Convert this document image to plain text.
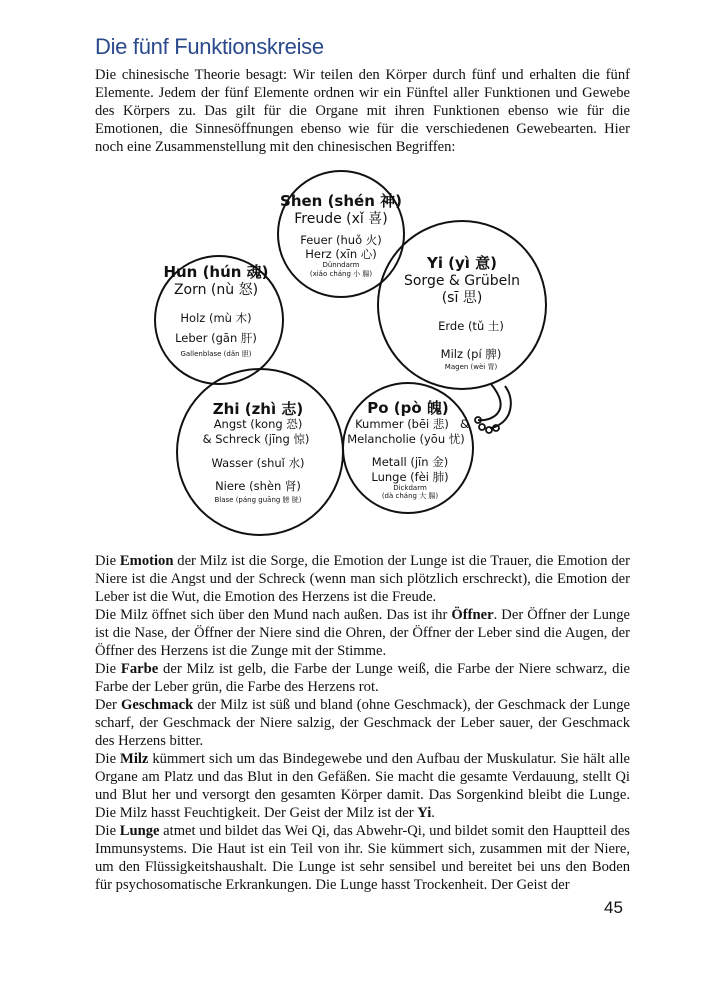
Die fünf Funktionskreise

Die chinesische Theorie besagt: Wir teilen den Körper durch fünf und erhalten die fünf Elemente. Jedem der fünf Elemente ordnen wir ein Fünftel aller Funktionen und Gewebe des Körpers zu. Das gilt für die Organe mit ihren Funktionen ebenso wie für die Emotionen, die Sinnesöffnungen ebenso wie für die verschiedenen Gewebearten. Hier noch eine Zusammenstellung mit den chinesischen Begriffen:

Shen (shén 神)
Freude (xǐ 喜)
Feuer (huǒ 火)
Herz (xīn 心)
Dünndarm
(xiǎo cháng 小 腸)
Yi (yì 意)
Sorge & Grübeln
(sī 思)
Erde (tǔ 土)
Milz (pí 脾)
Magen (wèi 胃)
Hun (hún 魂)
Zorn (nù 怒)
Holz (mù 木)
Leber (gān 肝)
Gallenblase (dǎn 胆)
Zhi (zhì 志)
Angst (kong 恐)
& Schreck (jīng 惊)
Wasser (shuǐ 水)
Niere (shèn 肾)
Blase (páng guāng 膀 胱)
Po (pò 魄)
Kummer (bēi 悲) &
Melancholie (yōu 忧)
Metall (jīn 金)
Lunge (fèi 肺)
Dickdarm
(dà cháng 大 腸)

Die Emotion der Milz ist die Sorge, die Emotion der Lunge ist die Trauer, die Emotion der Niere ist die Angst und der Schreck (wenn man sich plötzlich erschreckt), die Emotion der Leber ist die Wut, die Emotion des Herzens ist die Freude.

Die Milz öffnet sich über den Mund nach außen. Das ist ihr Öffner. Der Öffner der Lunge ist die Nase, der Öffner der Niere sind die Ohren, der Öffner der Leber sind die Augen, der Öffner des Herzens ist die Zunge mit der Stimme.

Die Farbe der Milz ist gelb, die Farbe der Lunge weiß, die Farbe der Niere schwarz, die Farbe der Leber grün, die Farbe des Herzens rot.

Der Geschmack der Milz ist süß und bland (ohne Geschmack), der Geschmack der Lunge scharf, der Geschmack der Niere salzig, der Geschmack der Leber sauer, der Geschmack des Herzens bitter.

Die Milz kümmert sich um das Bindegewebe und den Aufbau der Muskulatur. Sie hält alle Organe am Platz und das Blut in den Gefäßen. Sie macht die gesamte Verdauung, stellt Qi und Blut her und versorgt den gesamten Körper damit. Das Sorgenkind bleibt die Lunge. Die Milz hasst Feuchtigkeit. Der Geist der Milz ist der Yi.

Die Lunge atmet und bildet das Wei Qi, das Abwehr-Qi, und bildet somit den Hauptteil des Immunsystems. Die Haut ist ein Teil von ihr. Sie kümmert sich, zusammen mit der Niere, um den Flüssigkeitshaushalt. Die Lunge ist sehr sensibel und bereitet bei uns den Boden für psychosomatische Erkrankungen. Die Lunge hasst Trockenheit. Der Geist der

45
